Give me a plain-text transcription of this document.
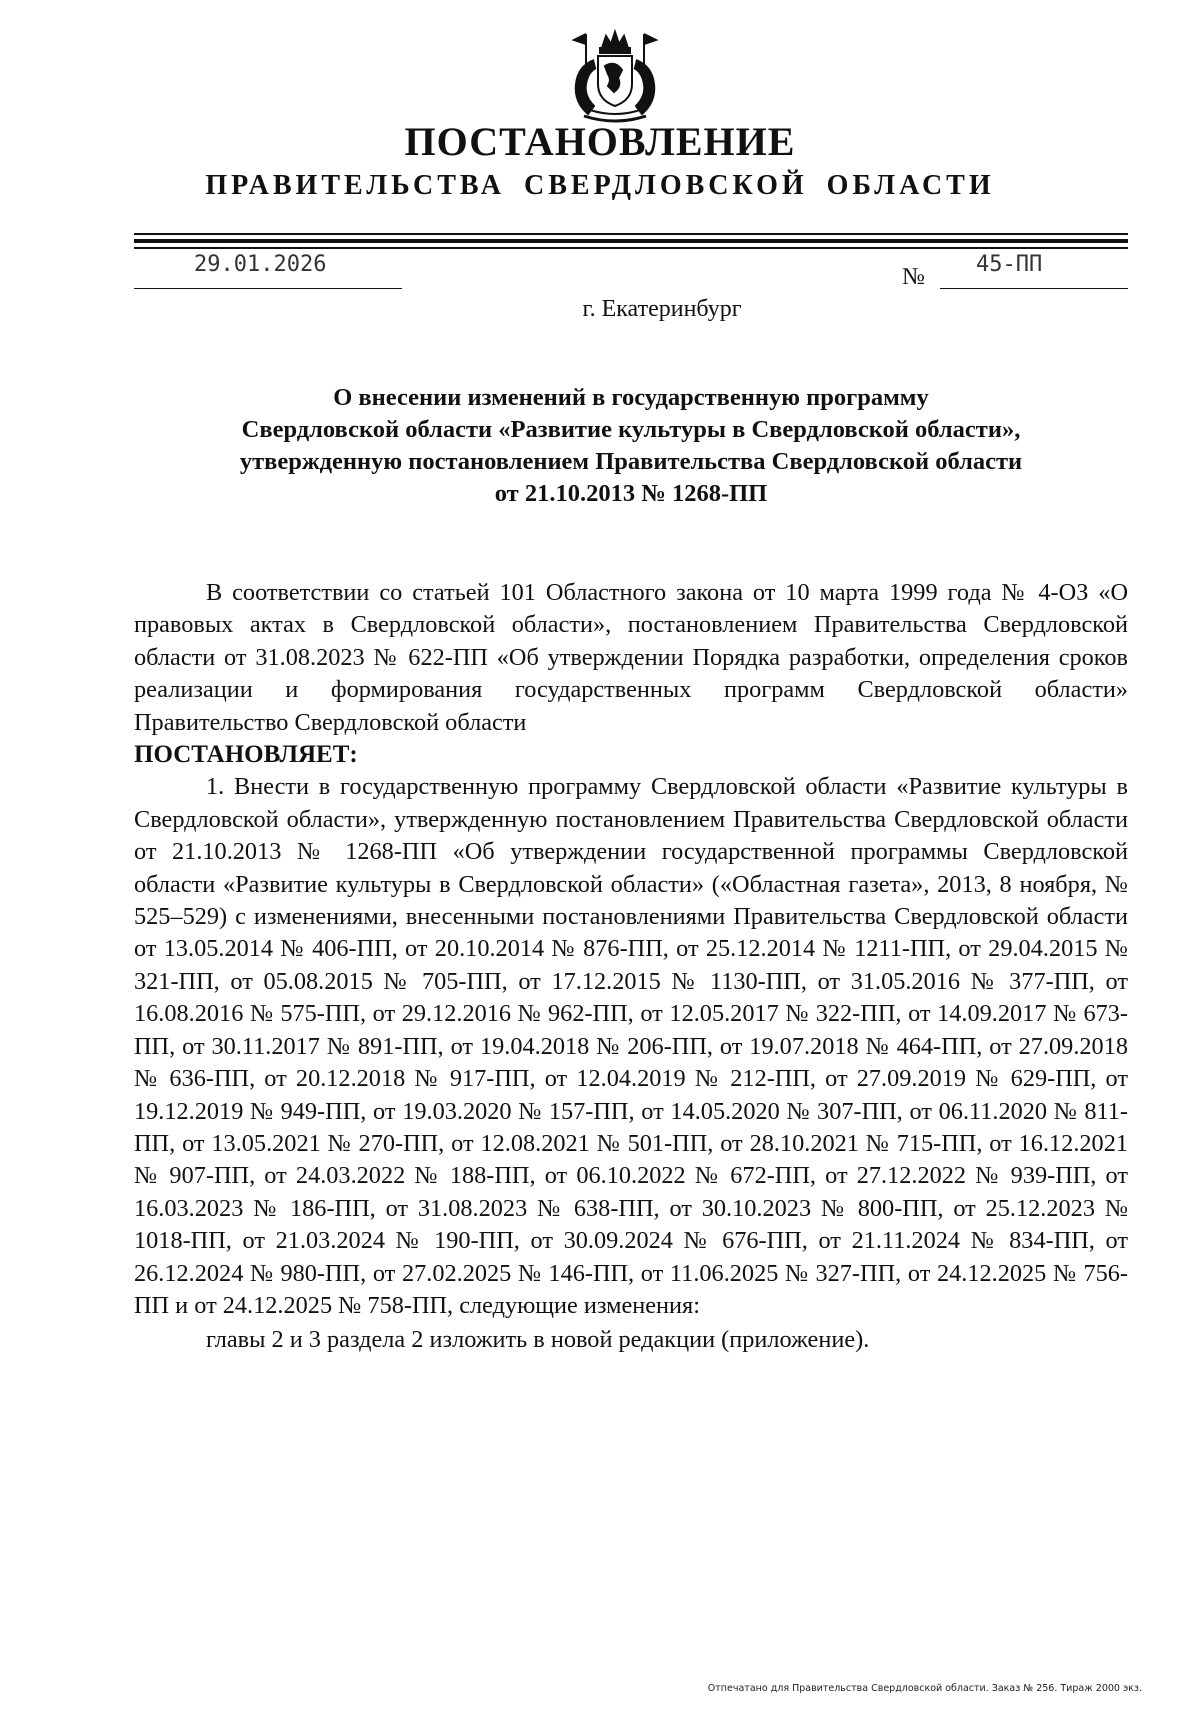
ПОСТАНОВЛЕНИЕ
ПРАВИТЕЛЬСТВА СВЕРДЛОВСКОЙ ОБЛАСТИ
29.01.2026	№ 45-ПП
г. Екатеринбург
О внесении изменений в государственную программу
Свердловской области «Развитие культуры в Свердловской области»,
утвержденную постановлением Правительства Свердловской области
от 21.10.2013 № 1268-ПП

В соответствии со статьей 101 Областного закона от 10 марта 1999 года № 4-ОЗ «О правовых актах в Свердловской области», постановлением Правительства Свердловской области от 31.08.2023 № 622-ПП «Об утверждении Порядка разработки, определения сроков реализации и формирования государственных программ Свердловской области» Правительство Свердловской области

ПОСТАНОВЛЯЕТ:

1. Внести в государственную программу Свердловской области «Развитие культуры в Свердловской области», утвержденную постановлением Правительства Свердловской области от 21.10.2013 № 1268-ПП «Об утверждении государственной программы Свердловской области «Развитие культуры в Свердловской области» («Областная газета», 2013, 8 ноября, № 525–529) с изменениями, внесенными постановлениями Правительства Свердловской области от 13.05.2014 № 406-ПП, от 20.10.2014 № 876-ПП, от 25.12.2014 № 1211-ПП, от 29.04.2015 № 321-ПП, от 05.08.2015 № 705-ПП, от 17.12.2015 № 1130-ПП, от 31.05.2016 № 377-ПП, от 16.08.2016 № 575-ПП, от 29.12.2016 № 962-ПП, от 12.05.2017 № 322-ПП, от 14.09.2017 № 673-ПП, от 30.11.2017 № 891-ПП, от 19.04.2018 № 206-ПП, от 19.07.2018 № 464-ПП, от 27.09.2018 № 636-ПП, от 20.12.2018 № 917-ПП, от 12.04.2019 № 212-ПП, от 27.09.2019 № 629-ПП, от 19.12.2019 № 949-ПП, от 19.03.2020 № 157-ПП, от 14.05.2020 № 307-ПП, от 06.11.2020 № 811-ПП, от 13.05.2021 № 270-ПП, от 12.08.2021 № 501-ПП, от 28.10.2021 № 715-ПП, от 16.12.2021 № 907-ПП, от 24.03.2022 № 188-ПП, от 06.10.2022 № 672-ПП, от 27.12.2022 № 939-ПП, от 16.03.2023 № 186-ПП, от 31.08.2023 № 638-ПП, от 30.10.2023 № 800-ПП, от 25.12.2023 № 1018-ПП, от 21.03.2024 № 190-ПП, от 30.09.2024 № 676-ПП, от 21.11.2024 № 834-ПП, от 26.12.2024 № 980-ПП, от 27.02.2025 № 146-ПП, от 11.06.2025 № 327-ПП, от 24.12.2025 № 756-ПП и от 24.12.2025 № 758-ПП, следующие изменения:

главы 2 и 3 раздела 2 изложить в новой редакции (приложение).

Отпечатано для Правительства Свердловской области. Заказ № 256. Тираж 2000 экз.
